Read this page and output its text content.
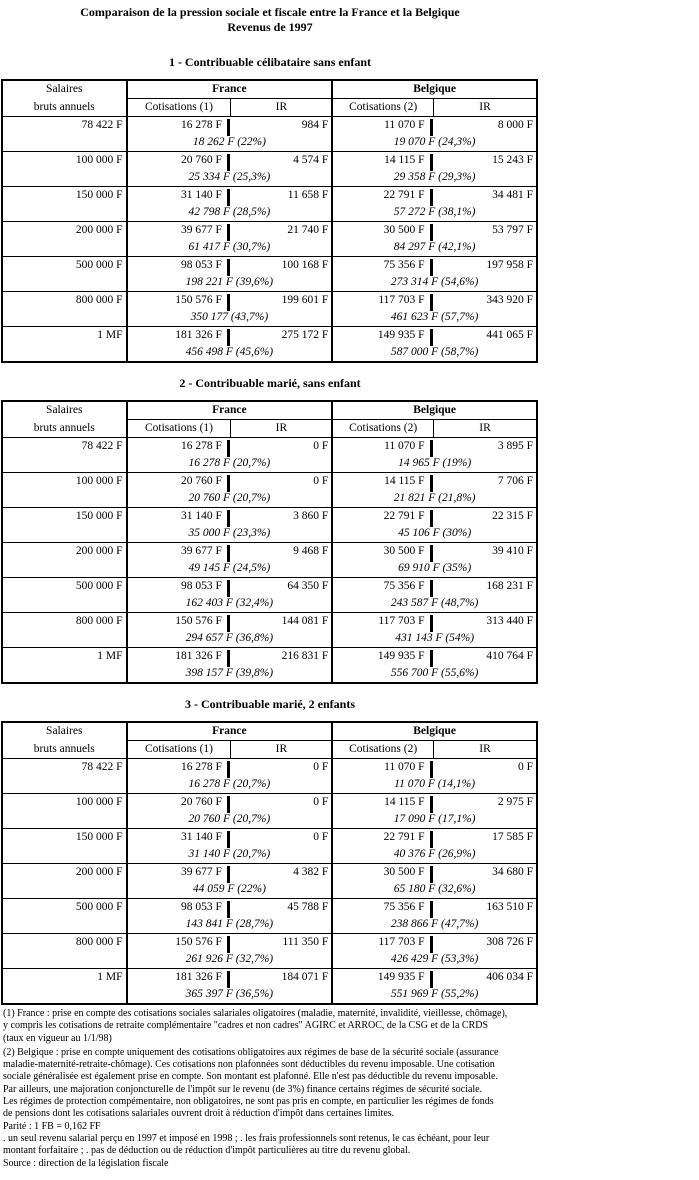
Comparaison de la pression sociale et fiscale entre la France et la Belgique
Revenus de 1997
1 - Contribuable célibataire sans enfant
Salaires	France		Belgique	
bruts annuels	Cotisations (1)	IR	Cotisations (2)	IR
78 422 F	16 278 F	984 F	11 070 F	8 000 F
	18 262 F (22%)		19 070 F (24,3%)	
100 000 F	20 760 F	4 574 F	14 115 F	15 243 F
	25 334 F (25,3%)		29 358 F (29,3%)	
150 000 F	31 140 F	11 658 F	22 791 F	34 481 F
	42 798 F (28,5%)		57 272 F (38,1%)	
200 000 F	39 677 F	21 740 F	30 500 F	53 797 F
	61 417 F (30,7%)		84 297 F (42,1%)	
500 000 F	98 053 F	100 168 F	75 356 F	197 958 F
	198 221 F (39,6%)		273 314 F (54,6%)	
800 000 F	150 576 F	199 601 F	117 703 F	343 920 F
	350 177 (43,7%)		461 623 F (57,7%)	
1 MF	181 326 F	275 172 F	149 935 F	441 065 F
	456 498 F (45,6%)		587 000 F (58,7%)	
2 - Contribuable marié, sans enfant
Salaires	France		Belgique	
bruts annuels	Cotisations (1)	IR	Cotisations (2)	IR
78 422 F	16 278 F	0 F	11 070 F	3 895 F
	16 278 F (20,7%)		14 965 F (19%)	
100 000 F	20 760 F	0 F	14 115 F	7 706 F
	20 760 F (20,7%)		21 821 F (21,8%)	
150 000 F	31 140 F	3 860 F	22 791 F	22 315 F
	35 000 F (23,3%)		45 106 F (30%)	
200 000 F	39 677 F	9 468 F	30 500 F	39 410 F
	49 145 F (24,5%)		69 910 F (35%)	
500 000 F	98 053 F	64 350 F	75 356 F	168 231 F
	162 403 F (32,4%)		243 587 F (48,7%)	
800 000 F	150 576 F	144 081 F	117 703 F	313 440 F
	294 657 F (36,8%)		431 143 F (54%)	
1 MF	181 326 F	216 831 F	149 935 F	410 764 F
	398 157 F (39,8%)		556 700 F (55,6%)	
3 - Contribuable marié, 2 enfants
Salaires	France		Belgique	
bruts annuels	Cotisations (1)	IR	Cotisations (2)	IR
78 422 F	16 278 F	0 F	11 070 F	0 F
	16 278 F (20,7%)		11 070 F (14,1%)	
100 000 F	20 760 F	0 F	14 115 F	2 975 F
	20 760 F (20,7%)		17 090 F (17,1%)	
150 000 F	31 140 F	0 F	22 791 F	17 585 F
	31 140 F (20,7%)		40 376 F (26,9%)	
200 000 F	39 677 F	4 382 F	30 500 F	34 680 F
	44 059 F (22%)		65 180 F (32,6%)	
500 000 F	98 053 F	45 788 F	75 356 F	163 510 F
	143 841 F (28,7%)		238 866 F (47,7%)	
800 000 F	150 576 F	111 350 F	117 703 F	308 726 F
	261 926 F (32,7%)		426 429 F (53,3%)	
1 MF	181 326 F	184 071 F	149 935 F	406 034 F
	365 397 F (36,5%)		551 969 F (55,2%)	
(1) France : prise en compte des cotisations sociales salariales oligatoires (maladie, maternité, invalidité, vieillesse, chômage),
y compris les cotisations de retraite complémentaire "cadres et non cadres" AGIRC et ARROC, de la CSG et de la CRDS
(taux en vigueur au 1/1/98)
(2) Belgique : prise en compte uniquement des cotisations obligatoires aux régimes de base de la sécurité sociale (assurance
maladie-maternité-retraite-chômage). Ces cotisations non plafonnées sont déductibles du revenu imposable. Une cotisation
sociale généralisée est également prise en compte. Son montant est plafonné. Elle n'est pas déductible du revenu imposable.
Par ailleurs, une majoration conjoncturelle de l'impôt sur le revenu (de 3%) finance certains régimes de sécurité sociale.
Les régimes de protection compémentaire, non obligatoires, ne sont pas pris en compte, en particulier les régimes de fonds
de pensions dont les cotisations salariales ouvrent droit à réduction d'impôt dans certaines limites.
Parité : 1 FB = 0,162 FF
. un seul revenu salarial perçu en 1997 et imposé en 1998 ; . les frais professionnels sont retenus, le cas échéant, pour leur
montant forfaitaire ; . pas de déduction ou de réduction d'impôt particulières au titre du revenu global.
Source : direction de la législation fiscale
